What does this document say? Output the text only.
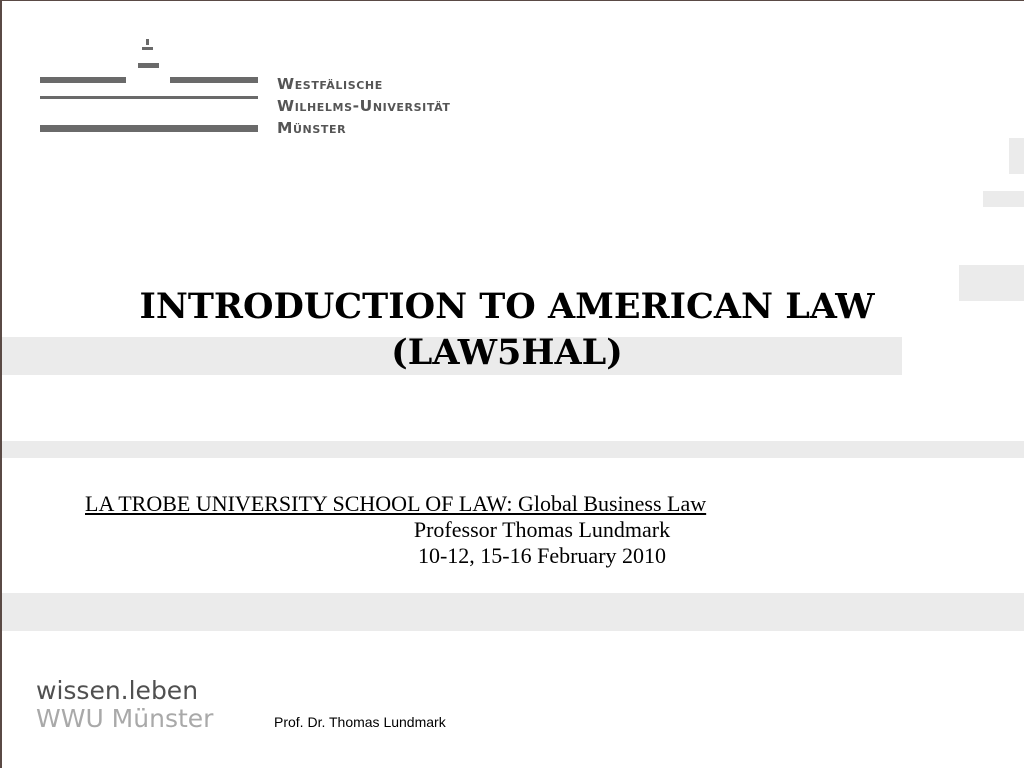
Westfälische
Wilhelms-Universität
Münster
INTRODUCTION TO AMERICAN LAW
(LAW5HAL)
LA TROBE UNIVERSITY SCHOOL OF LAW: Global Business Law
Professor Thomas Lundmark
10-12, 15-16 February 2010
wissen.leben
WWU Münster	Prof. Dr. Thomas Lundmark
